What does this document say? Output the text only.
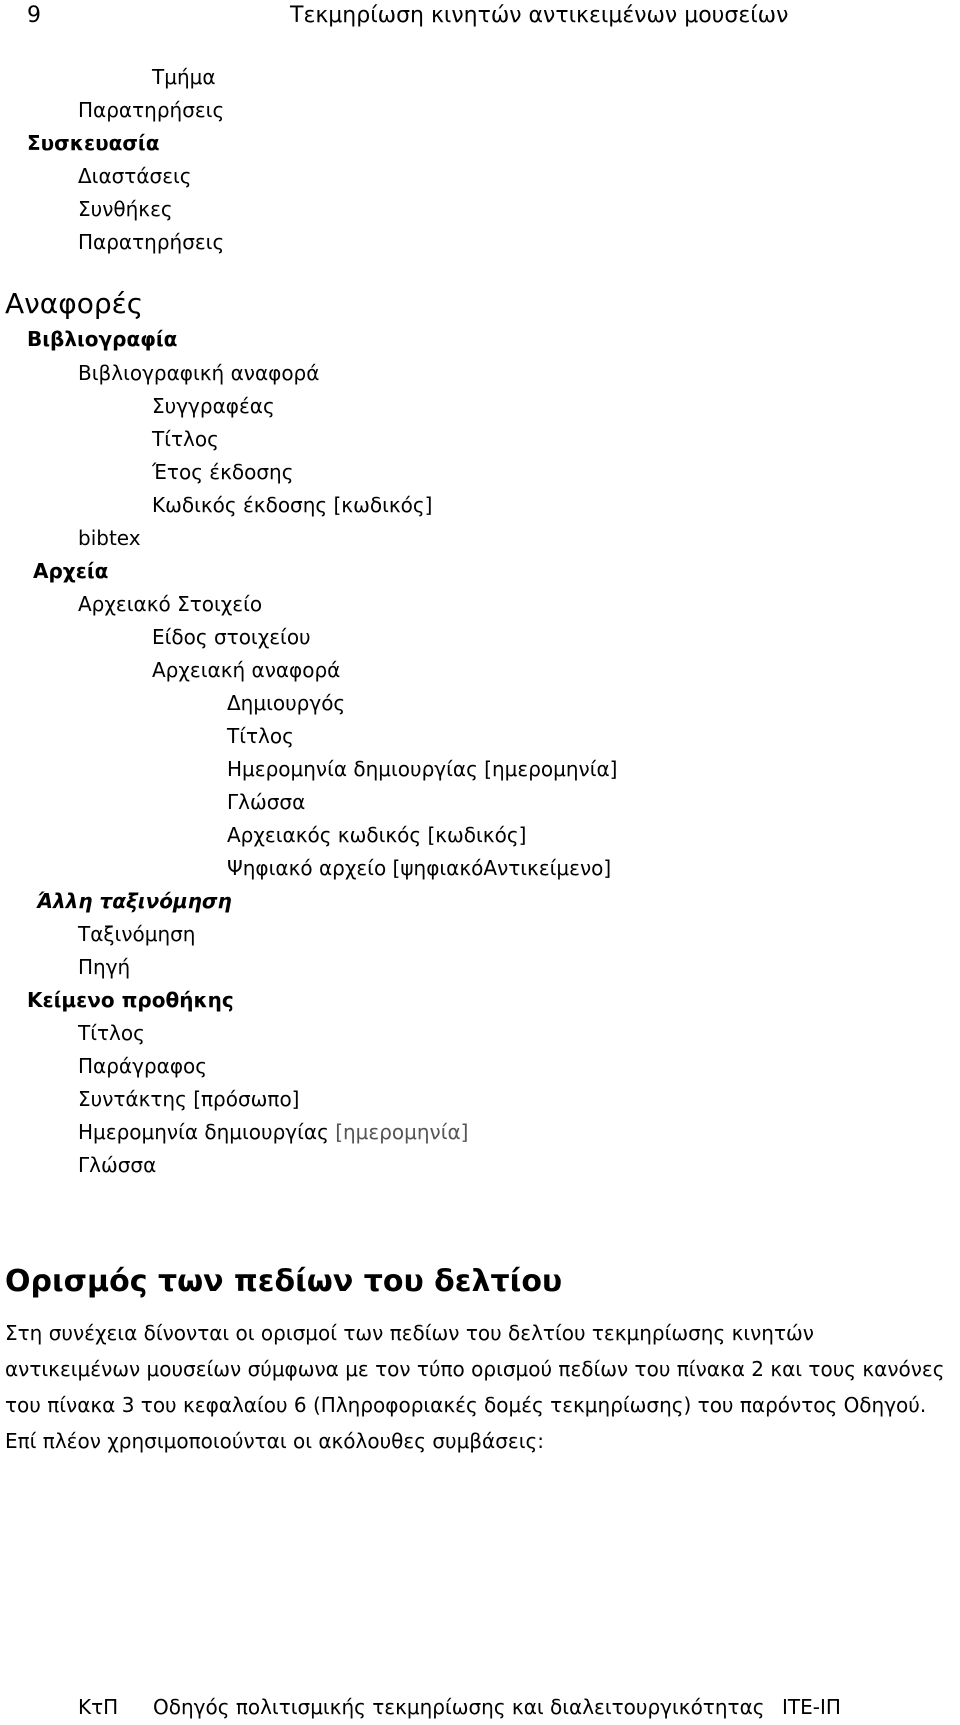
9	Τεκμηρίωση κινητών αντικειμένων μουσείων
Τμήμα
Παρατηρήσεις
Συσκευασία
Διαστάσεις
Συνθήκες
Παρατηρήσεις
Αναφορές
Βιβλιογραφία
Βιβλιογραφική αναφορά
Συγγραφέας
Τίτλος
Έτος έκδοσης
Κωδικός έκδοσης [κωδικός]
bibtex
Αρχεία
Αρχειακό Στοιχείο
Είδος στοιχείου
Αρχειακή αναφορά
Δημιουργός
Τίτλος
Ημερομηνία δημιουργίας [ημερομηνία]
Γλώσσα
Αρχειακός κωδικός [κωδικός]
Ψηφιακό αρχείο [ψηφιακόΑντικείμενο]
Άλλη ταξινόμηση
Ταξινόμηση
Πηγή
Κείμενο προθήκης
Τίτλος
Παράγραφος
Συντάκτης [πρόσωπο]
Ημερομηνία δημιουργίας [ημερομηνία]
Γλώσσα
Ορισμός των πεδίων του δελτίου
Στη συνέχεια δίνονται οι ορισμοί των πεδίων του δελτίου τεκμηρίωσης κινητών αντικειμένων μουσείων σύμφωνα με τον τύπο ορισμού πεδίων του πίνακα 2 και τους κανόνες του πίνακα 3 του κεφαλαίου 6 (Πληροφοριακές δομές τεκμηρίωσης) του παρόντος Οδηγού. Επί πλέον χρησιμοποιούνται οι ακόλουθες συμβάσεις:
ΚτΠ Οδηγός πολιτισμικής τεκμηρίωσης και διαλειτουργικότητας ΙΤΕ-ΙΠ
